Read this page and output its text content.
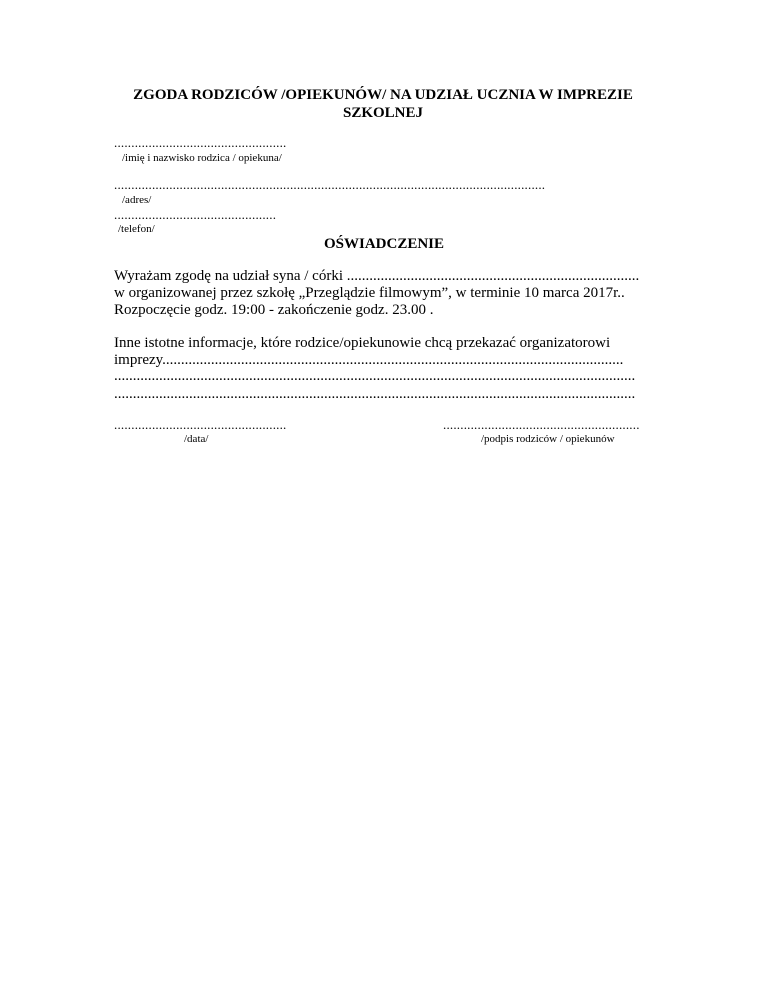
ZGODA RODZICÓW /OPIEKUNÓW/ NA UDZIAŁ UCZNIA W IMPREZIE SZKOLNEJ
..................................................
/imię i nazwisko rodzica / opiekuna/
.............................................................................................................................
/adres/
...............................................
/telefon/
OŚWIADCZENIE
Wyrażam zgodę na udział syna / córki ..............................................................................
w organizowanej przez szkołę „Przeglądzie filmowym”, w terminie 10 marca 2017r..
Rozpoczęcie godz. 19:00 - zakończenie godz. 23.00 .
Inne istotne informacje, które rodzice/opiekunowie chcą przekazać organizatorowi
imprezy...........................................................................................................................
...........................................................................................................................................
...........................................................................................................................................
..................................................
/data/
.........................................................
/podpis rodziców / opiekunów
